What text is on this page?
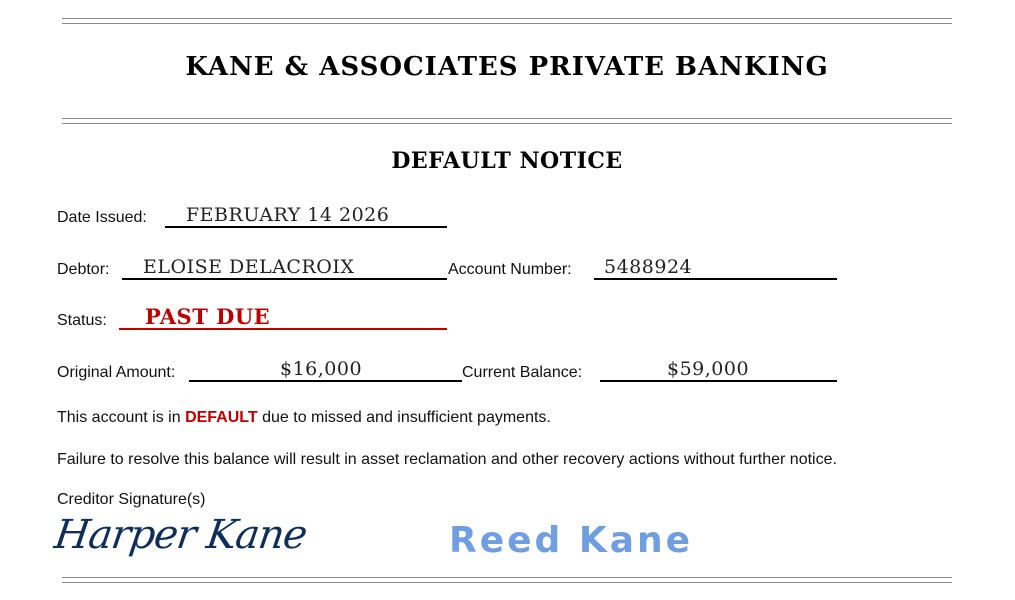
KANE & ASSOCIATES PRIVATE BANKING
DEFAULT NOTICE
Date Issued:	FEBRUARY 14 2026
Debtor:	ELOISE DELACROIX	Account Number:	5488924
Status:	PAST DUE
Original Amount:	$16,000	Current Balance:	$59,000
This account is in DEFAULT due to missed and insufficient payments.
Failure to resolve this balance will result in asset reclamation and other recovery actions without further notice.
Creditor Signature(s)
Harper Kane	Reed Kane
